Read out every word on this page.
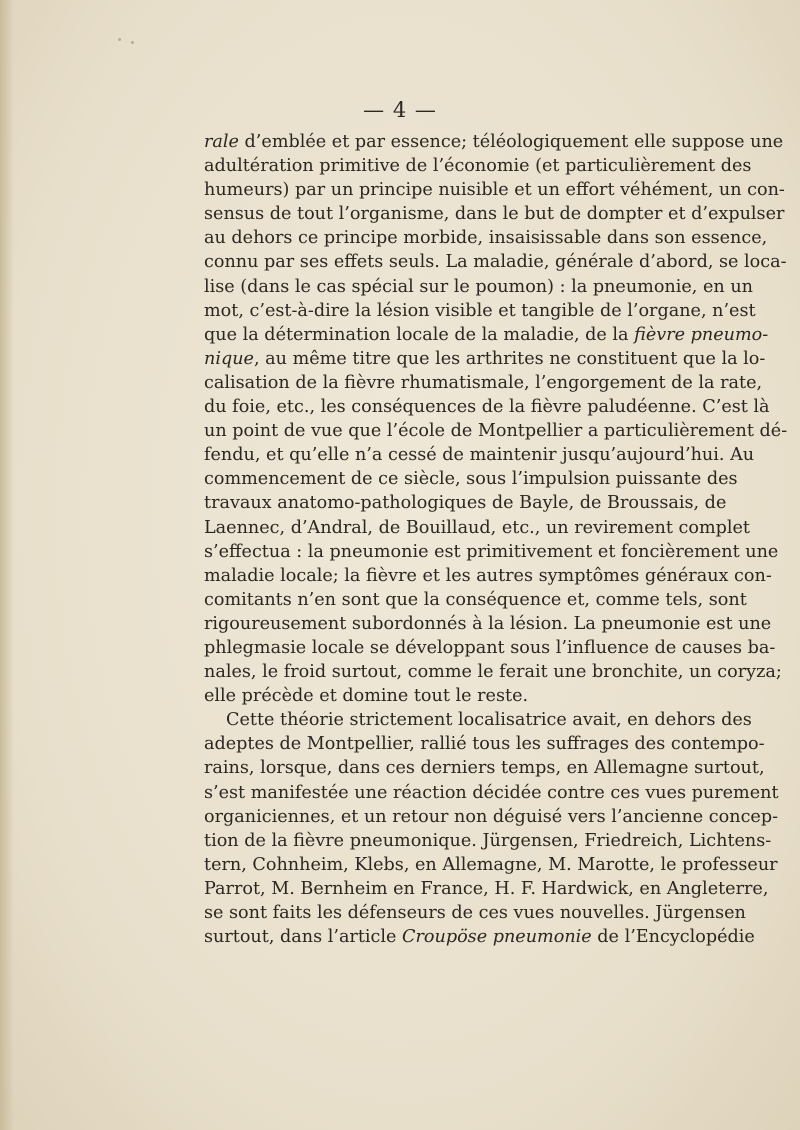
— 4 —
rale d’emblée et par essence; téléologiquement elle suppose une
adultération primitive de l’économie (et particulièrement des
humeurs) par un principe nuisible et un effort véhément, un con-
sensus de tout l’organisme, dans le but de dompter et d’expulser
au dehors ce principe morbide, insaisissable dans son essence,
connu par ses effets seuls. La maladie, générale d’abord, se loca-
lise (dans le cas spécial sur le poumon) : la pneumonie, en un
mot, c’est-à-dire la lésion visible et tangible de l’organe, n’est
que la détermination locale de la maladie, de la fièvre pneumo-
nique, au même titre que les arthrites ne constituent que la lo-
calisation de la fièvre rhumatismale, l’engorgement de la rate,
du foie, etc., les conséquences de la fièvre paludéenne. C’est là
un point de vue que l’école de Montpellier a particulièrement dé-
fendu, et qu’elle n’a cessé de maintenir jusqu’aujourd’hui. Au
commencement de ce siècle, sous l’impulsion puissante des
travaux anatomo-pathologiques de Bayle, de Broussais, de
Laennec, d’Andral, de Bouillaud, etc., un revirement complet
s’effectua : la pneumonie est primitivement et foncièrement une
maladie locale; la fièvre et les autres symptômes généraux con-
comitants n’en sont que la conséquence et, comme tels, sont
rigoureusement subordonnés à la lésion. La pneumonie est une
phlegmasie locale se développant sous l’influence de causes ba-
nales, le froid surtout, comme le ferait une bronchite, un coryza;
elle précède et domine tout le reste.
Cette théorie strictement localisatrice avait, en dehors des
adeptes de Montpellier, rallié tous les suffrages des contempo-
rains, lorsque, dans ces derniers temps, en Allemagne surtout,
s’est manifestée une réaction décidée contre ces vues purement
organiciennes, et un retour non déguisé vers l’ancienne concep-
tion de la fièvre pneumonique. Jürgensen, Friedreich, Lichtens-
tern, Cohnheim, Klebs, en Allemagne, M. Marotte, le professeur
Parrot, M. Bernheim en France, H. F. Hardwick, en Angleterre,
se sont faits les défenseurs de ces vues nouvelles. Jürgensen
surtout, dans l’article Croupöse pneumonie de l’Encyclopédie
